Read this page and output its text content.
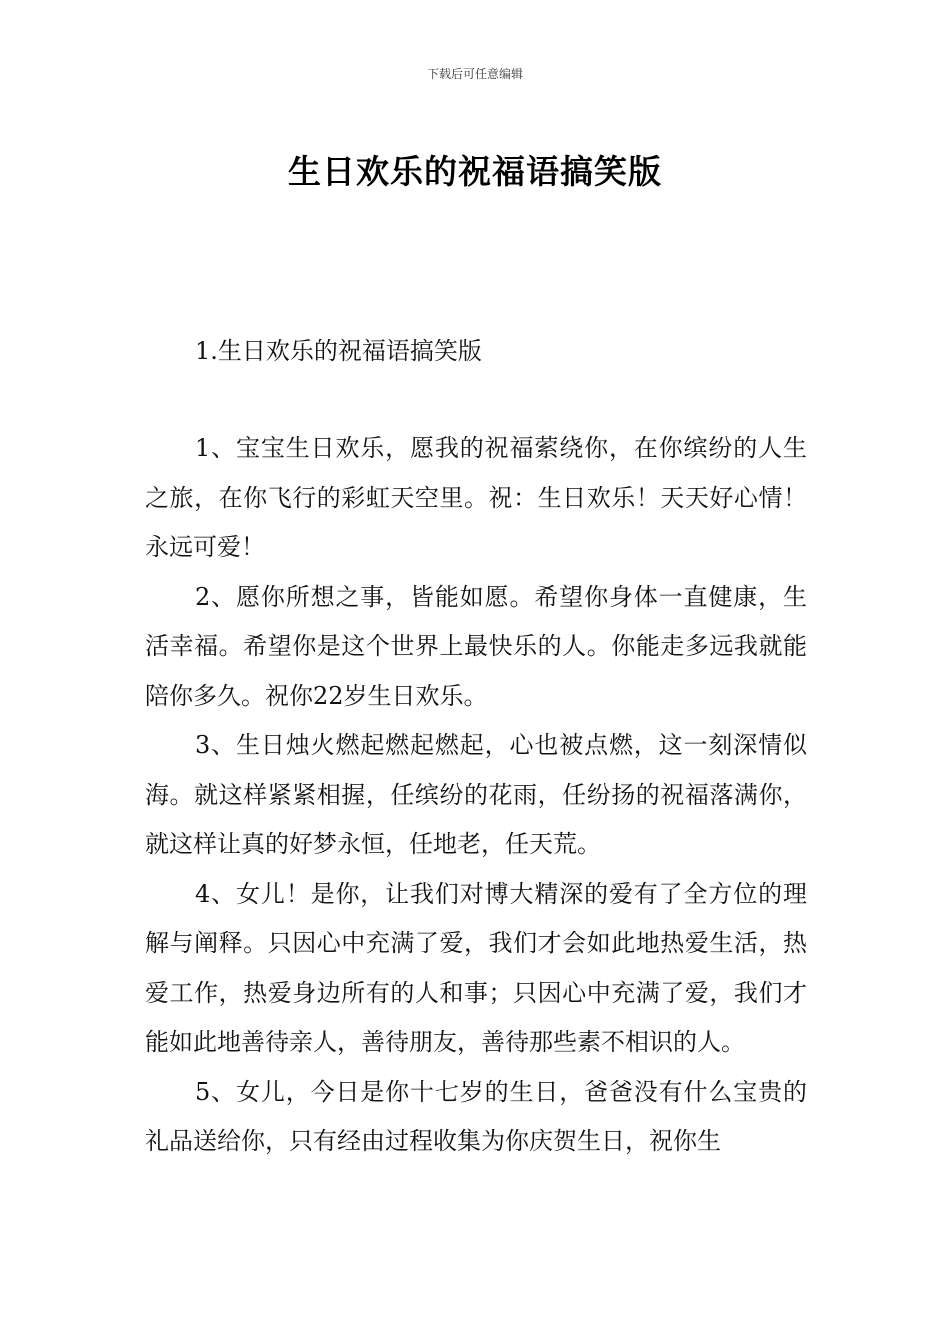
下载后可任意编辑
生日欢乐的祝福语搞笑版

1.生日欢乐的祝福语搞笑版

1、宝宝生日欢乐，愿我的祝福萦绕你，在你缤纷的人生之旅，在你飞行的彩虹天空里。祝：生日欢乐！天天好心情！永远可爱！

2、愿你所想之事，皆能如愿。希望你身体一直健康，生活幸福。希望你是这个世界上最快乐的人。你能走多远我就能陪你多久。祝你22岁生日欢乐。

3、生日烛火燃起燃起燃起，心也被点燃，这一刻深情似海。就这样紧紧相握，任缤纷的花雨，任纷扬的祝福落满你，就这样让真的好梦永恒，任地老，任天荒。

4、女儿！是你，让我们对博大精深的爱有了全方位的理解与阐释。只因心中充满了爱，我们才会如此地热爱生活，热爱工作，热爱身边所有的人和事；只因心中充满了爱，我们才能如此地善待亲人，善待朋友，善待那些素不相识的人。

5、女儿，今日是你十七岁的生日，爸爸没有什么宝贵的礼品送给你，只有经由过程收集为你庆贺生日，祝你生
